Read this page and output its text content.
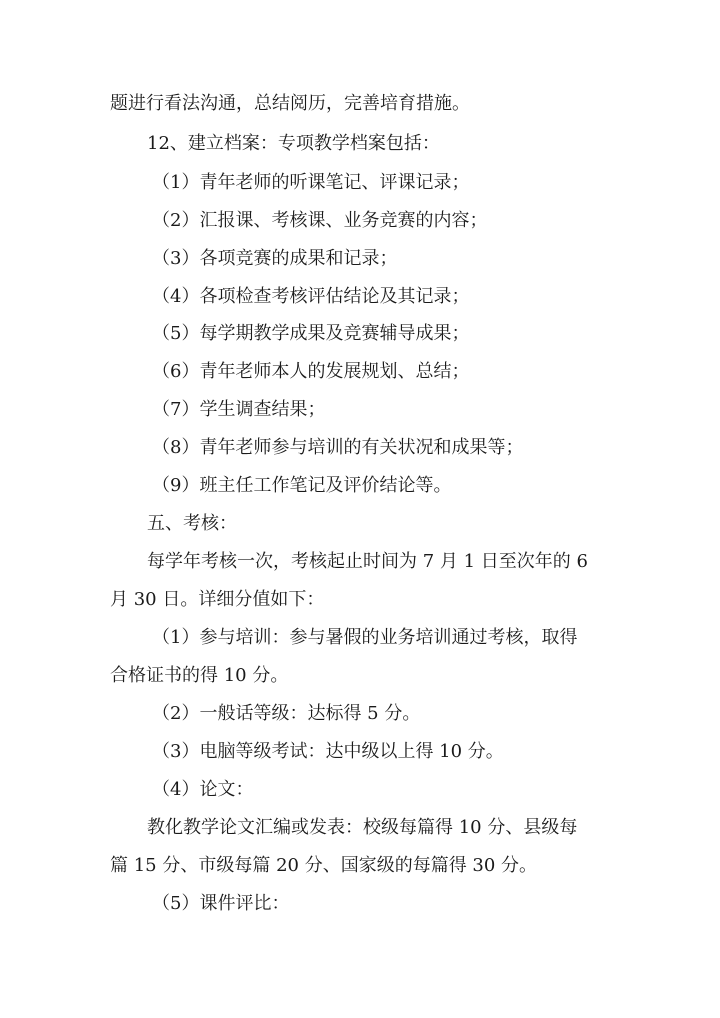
题进行看法沟通，总结阅历，完善培育措施。
12、建立档案：专项教学档案包括：
（1）青年老师的听课笔记、评课记录；
（2）汇报课、考核课、业务竞赛的内容；
（3）各项竞赛的成果和记录；
（4）各项检查考核评估结论及其记录；
（5）每学期教学成果及竞赛辅导成果；
（6）青年老师本人的发展规划、总结；
（7）学生调查结果；
（8）青年老师参与培训的有关状况和成果等；
（9）班主任工作笔记及评价结论等。
五、考核：
每学年考核一次，考核起止时间为 7 月 1 日至次年的 6
月 30 日。详细分值如下：
（1）参与培训：参与暑假的业务培训通过考核，取得
合格证书的得 10 分。
（2）一般话等级：达标得 5 分。
（3）电脑等级考试：达中级以上得 10 分。
（4）论文：
教化教学论文汇编或发表：校级每篇得 10 分、县级每
篇 15 分、市级每篇 20 分、国家级的每篇得 30 分。
（5）课件评比：
